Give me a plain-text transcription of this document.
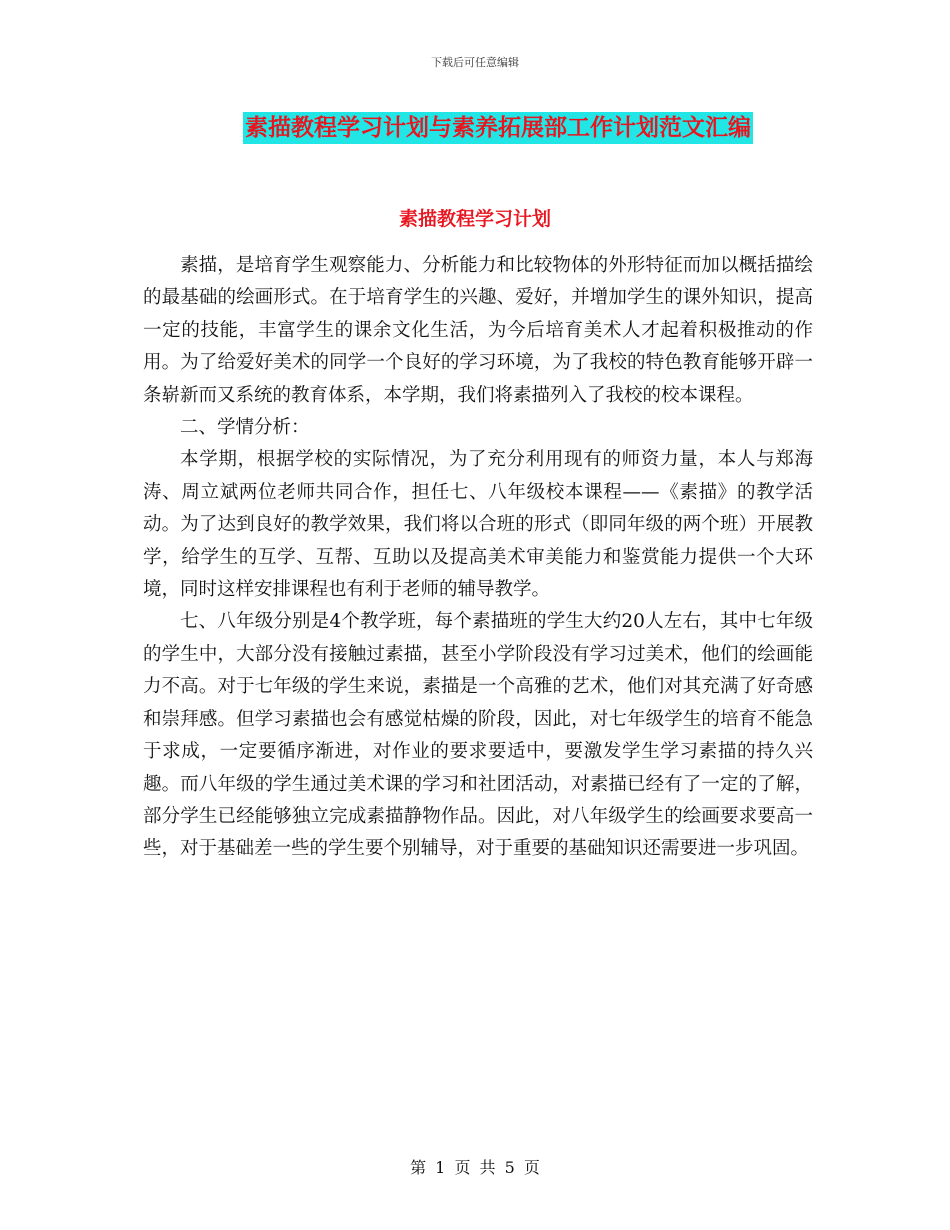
下载后可任意编辑
素描教程学习计划与素养拓展部工作计划范文汇编
素描教程学习计划

素描，是培育学生观察能力、分析能力和比较物体的外形特征而加以概括描绘的最基础的绘画形式。在于培育学生的兴趣、爱好，并增加学生的课外知识，提高一定的技能，丰富学生的课余文化生活，为今后培育美术人才起着积极推动的作用。为了给爱好美术的同学一个良好的学习环境，为了我校的特色教育能够开辟一条崭新而又系统的教育体系，本学期，我们将素描列入了我校的校本课程。

二、学情分析：

本学期，根据学校的实际情况，为了充分利用现有的师资力量，本人与郑海涛、周立斌两位老师共同合作，担任七、八年级校本课程——《素描》的教学活动。为了达到良好的教学效果，我们将以合班的形式（即同年级的两个班）开展教学，给学生的互学、互帮、互助以及提高美术审美能力和鉴赏能力提供一个大环境，同时这样安排课程也有利于老师的辅导教学。

七、八年级分别是4个教学班，每个素描班的学生大约20人左右，其中七年级的学生中，大部分没有接触过素描，甚至小学阶段没有学习过美术，他们的绘画能力不高。对于七年级的学生来说，素描是一个高雅的艺术，他们对其充满了好奇感和崇拜感。但学习素描也会有感觉枯燥的阶段，因此，对七年级学生的培育不能急于求成，一定要循序渐进，对作业的要求要适中，要激发学生学习素描的持久兴趣。而八年级的学生通过美术课的学习和社团活动，对素描已经有了一定的了解，部分学生已经能够独立完成素描静物作品。因此，对八年级学生的绘画要求要高一些，对于基础差一些的学生要个别辅导，对于重要的基础知识还需要进一步巩固。

第 1 页 共 5 页
